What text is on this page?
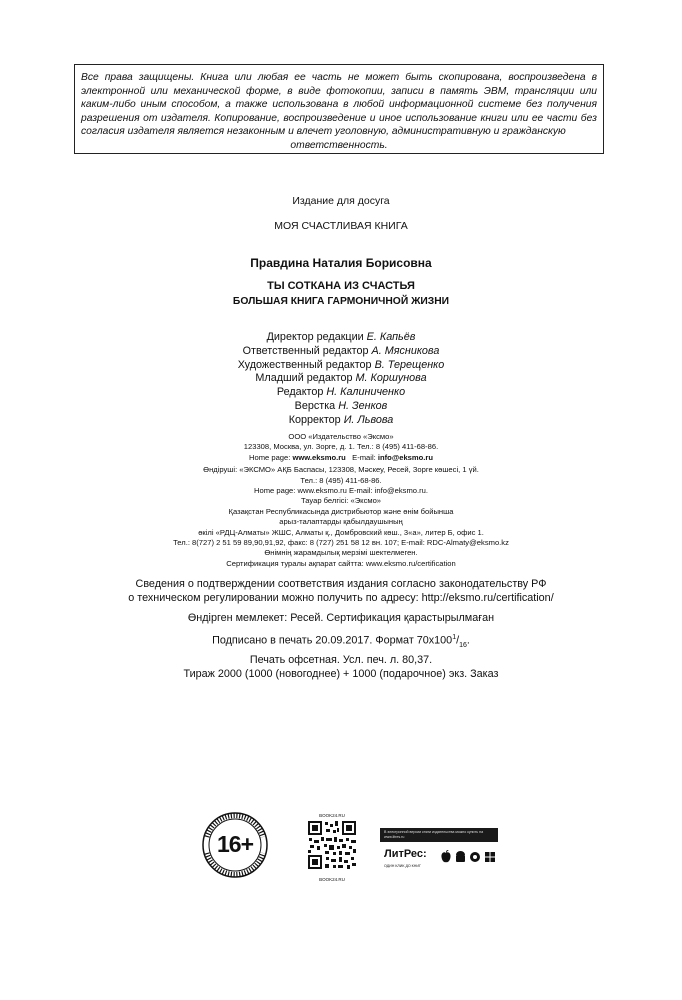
Все права защищены. Книга или любая ее часть не может быть скопирована, воспроизведена в электронной или механической форме, в виде фотокопии, записи в память ЭВМ, трансляции или каким-либо иным способом, а также использована в любой информационной системе без получения разрешения от издателя. Копирование, воспроизведение и иное использование книги или ее части без согласия издателя является незаконным и влечет уголовную, административную и гражданскую
ответственность.
Издание для досуга
МОЯ СЧАСТЛИВАЯ КНИГА
Правдина Наталия Борисовна
ТЫ СОТКАНА ИЗ СЧАСТЬЯ
БОЛЬШАЯ КНИГА ГАРМОНИЧНОЙ ЖИЗНИ
Директор редакции Е. Капьёв
Ответственный редактор А. Мясникова
Художественный редактор В. Терещенко
Младший редактор М. Коршунова
Редактор Н. Калиниченко
Верстка Н. Зенков
Корректор И. Львова
ООО «Издательство «Эксмо»
123308, Москва, ул. Зорге, д. 1. Тел.: 8 (495) 411-68-86.
Home page: www.eksmo.ru E-mail: info@eksmo.ru
Өндіруші: «ЭКСМО» АҚБ Баспасы, 123308, Мәскеу, Ресей, Зорге көшесі, 1 үй.
Тел.: 8 (495) 411-68-86.
Home page: www.eksmo.ru E-mail: info@eksmo.ru.
Тауар белгісі: «Эксмо»
Қазақстан Республикасында дистрибьютор және өнім бойынша
арыз-талаптарды қабылдаушының
өкілі «РДЦ-Алматы» ЖШС, Алматы қ., Домбровский көш., 3«а», литер Б, офис 1.
Тел.: 8(727) 2 51 59 89,90,91,92, факс: 8 (727) 251 58 12 вн. 107; E-mail: RDC-Almaty@eksmo.kz
Өнімнің жарамдылық мерзімі шектелмеген.
Сертификация туралы ақпарат сайтта: www.eksmo.ru/certification
Сведения о подтверждении соответствия издания согласно законодательству РФ
о техническом регулировании можно получить по адресу: http://eksmo.ru/certification/
Өндірген мемлекет: Ресей. Сертификация қарастырылмаған
Подписано в печать 20.09.2017. Формат $70x100^1/_{16}$.
Печать офсетная. Усл. печ. л. 80,37.
Тираж 2000 (1000 (новогоднее) + 1000 (подарочное) экз. Заказ
16+
BOOK24.RU
BOOK24.RU
В электронной версии книги издательства можно купить на www.litres.ru
ЛитРес:
ОДИН КЛИК ДО КНИГ
